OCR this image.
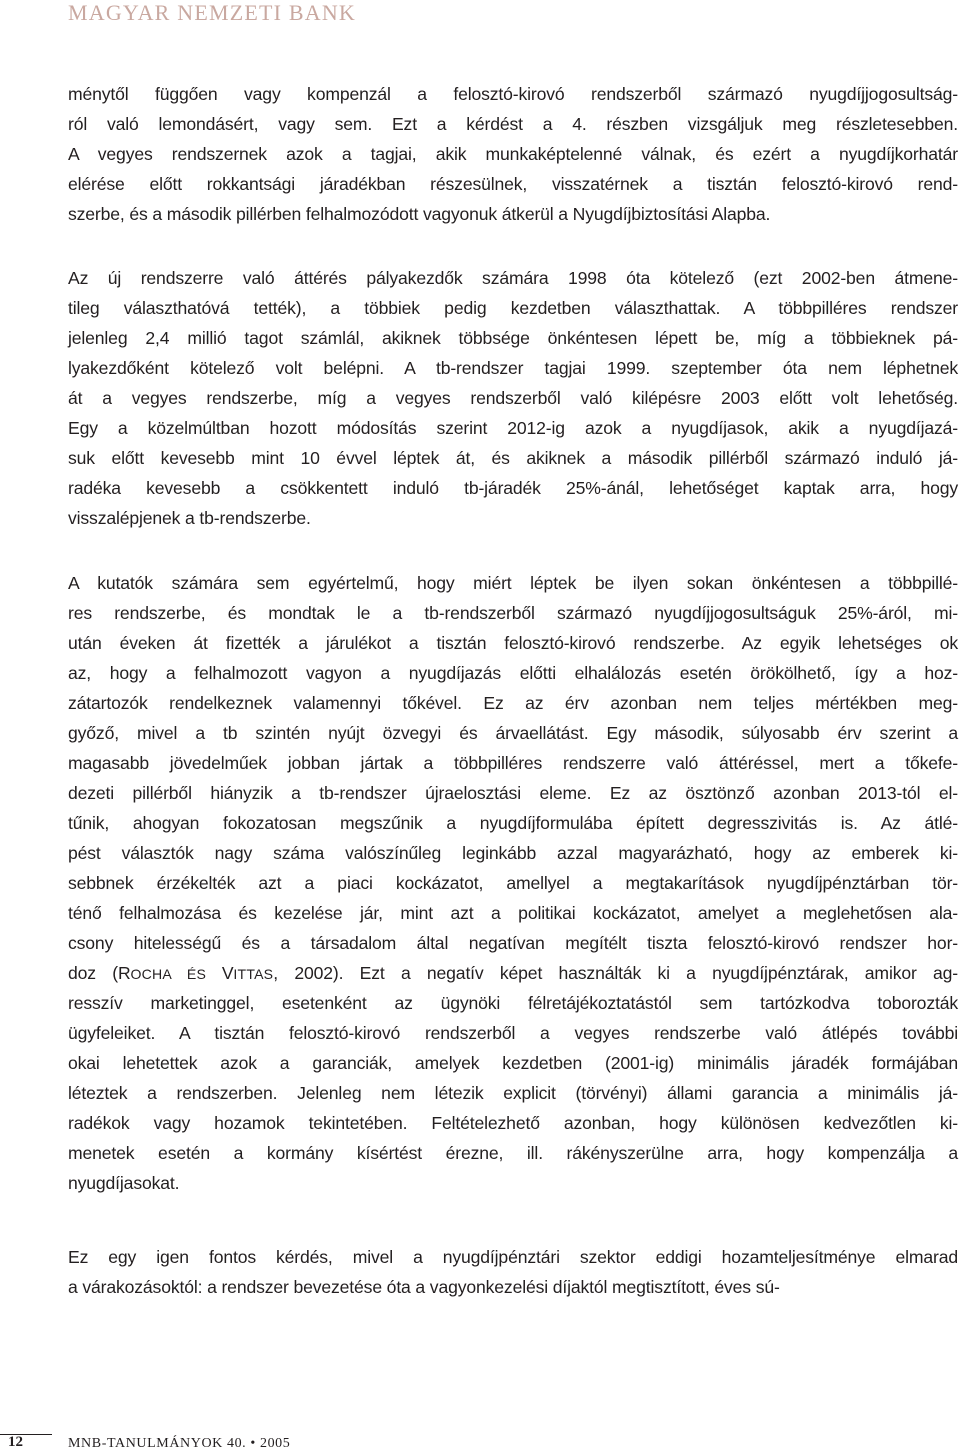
MAGYAR NEMZETI BANK
ménytől függően vagy kompenzál a felosztó-kirovó rendszerből származó nyugdíjjogosultság-
ról való lemondásért, vagy sem. Ezt a kérdést a 4. részben vizsgáljuk meg részletesebben.
A vegyes rendszernek azok a tagjai, akik munkaképtelenné válnak, és ezért a nyugdíjkorhatár
elérése előtt rokkantsági járadékban részesülnek, visszatérnek a tisztán felosztó-kirovó rend-
szerbe, és a második pillérben felhalmozódott vagyonuk átkerül a Nyugdíjbiztosítási Alapba.
Az új rendszerre való áttérés pályakezdők számára 1998 óta kötelező (ezt 2002-ben átmene-
tileg választhatóvá tették), a többiek pedig kezdetben választhattak. A többpilléres rendszer
jelenleg 2,4 millió tagot számlál, akiknek többsége önkéntesen lépett be, míg a többieknek pá-
lyakezdőként kötelező volt belépni. A tb-rendszer tagjai 1999. szeptember óta nem léphetnek
át a vegyes rendszerbe, míg a vegyes rendszerből való kilépésre 2003 előtt volt lehetőség.
Egy a közelmúltban hozott módosítás szerint 2012-ig azok a nyugdíjasok, akik a nyugdíjazá-
suk előtt kevesebb mint 10 évvel léptek át, és akiknek a második pillérből származó induló já-
radéka kevesebb a csökkentett induló tb-járadék 25%-ánál, lehetőséget kaptak arra, hogy
visszalépjenek a tb-rendszerbe.
A kutatók számára sem egyértelmű, hogy miért léptek be ilyen sokan önkéntesen a többpillé-
res rendszerbe, és mondtak le a tb-rendszerből származó nyugdíjjogosultságuk 25%-áról, mi-
után éveken át fizették a járulékot a tisztán felosztó-kirovó rendszerbe. Az egyik lehetséges ok
az, hogy a felhalmozott vagyon a nyugdíjazás előtti elhalálozás esetén örökölhető, így a hoz-
zátartozók rendelkeznek valamennyi tőkével. Ez az érv azonban nem teljes mértékben meg-
győző, mivel a tb szintén nyújt özvegyi és árvaellátást. Egy második, súlyosabb érv szerint a
magasabb jövedelműek jobban jártak a többpilléres rendszerre való áttéréssel, mert a tőkefe-
dezeti pillérből hiányzik a tb-rendszer újraelosztási eleme. Ez az ösztönző azonban 2013-tól el-
tűnik, ahogyan fokozatosan megszűnik a nyugdíjformulába épített degresszivitás is. Az átlé-
pést választók nagy száma valószínűleg leginkább azzal magyarázható, hogy az emberek ki-
sebbnek érzékelték azt a piaci kockázatot, amellyel a megtakarítások nyugdíjpénztárban tör-
ténő felhalmozása és kezelése jár, mint azt a politikai kockázatot, amelyet a meglehetősen ala-
csony hitelességű és a társadalom által negatívan megítélt tiszta felosztó-kirovó rendszer hor-
doz (ROCHA ÉS VITTAS, 2002). Ezt a negatív képet használták ki a nyugdíjpénztárak, amikor ag-
resszív marketinggel, esetenként az ügynöki félretájékoztatástól sem tartózkodva toborozták
ügyfeleiket. A tisztán felosztó-kirovó rendszerből a vegyes rendszerbe való átlépés további
okai lehetettek azok a garanciák, amelyek kezdetben (2001-ig) minimális járadék formájában
léteztek a rendszerben. Jelenleg nem létezik explicit (törvényi) állami garancia a minimális já-
radékok vagy hozamok tekintetében. Feltételezhető azonban, hogy különösen kedvezőtlen ki-
menetek esetén a kormány kísértést érezne, ill. rákényszerülne arra, hogy kompenzálja a
nyugdíjasokat.
Ez egy igen fontos kérdés, mivel a nyugdíjpénztári szektor eddigi hozamteljesítménye elmarad
a várakozásoktól: a rendszer bevezetése óta a vagyonkezelési díjaktól megtisztított, éves sú-
12	MNB-TANULMÁNYOK 40. • 2005
